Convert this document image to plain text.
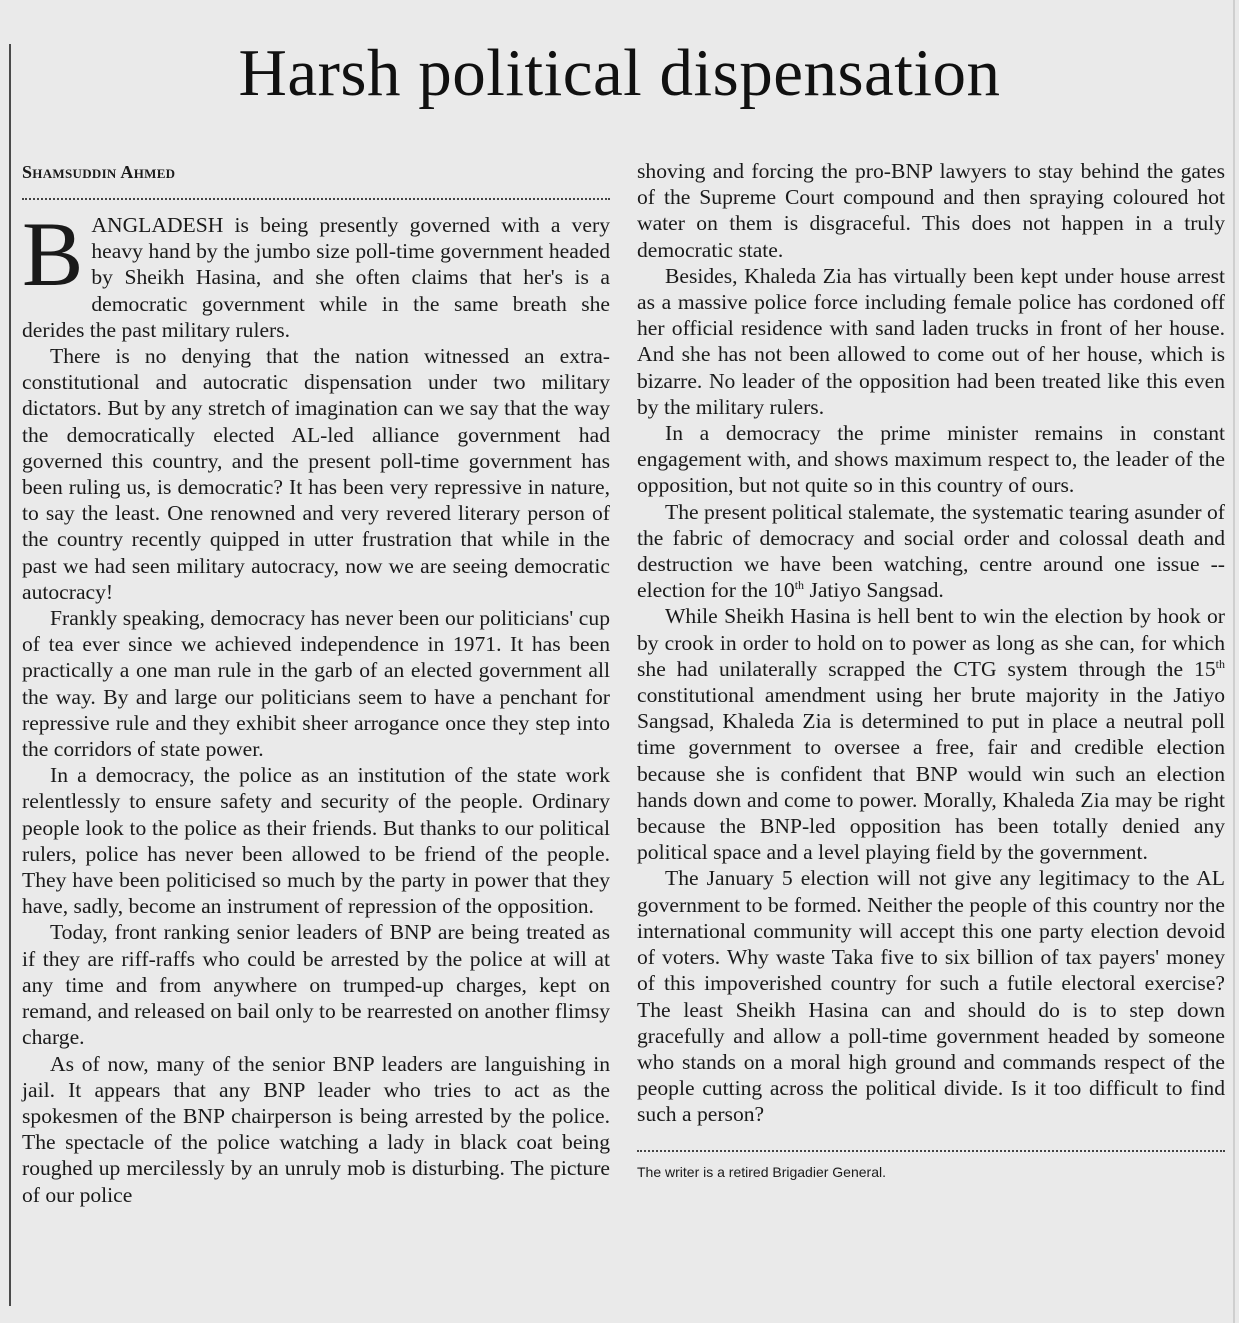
Harsh political dispensation
Shamsuddin Ahmed

BANGLADESH is being presently governed with a very heavy hand by the jumbo size poll-time government headed by Sheikh Hasina, and she often claims that her's is a democratic government while in the same breath she derides the past military rulers.

There is no denying that the nation witnessed an extra-constitutional and autocratic dispensation under two military dictators. But by any stretch of imagination can we say that the way the democratically elected AL-led alliance government had governed this country, and the present poll-time government has been ruling us, is democratic? It has been very repressive in nature, to say the least. One renowned and very revered literary person of the country recently quipped in utter frustration that while in the past we had seen military autocracy, now we are seeing democratic autocracy!

Frankly speaking, democracy has never been our politicians' cup of tea ever since we achieved independence in 1971. It has been practically a one man rule in the garb of an elected government all the way. By and large our politicians seem to have a penchant for repressive rule and they exhibit sheer arrogance once they step into the corridors of state power.

In a democracy, the police as an institution of the state work relentlessly to ensure safety and security of the people. Ordinary people look to the police as their friends. But thanks to our political rulers, police has never been allowed to be friend of the people. They have been politicised so much by the party in power that they have, sadly, become an instrument of repression of the opposition.

Today, front ranking senior leaders of BNP are being treated as if they are riff-raffs who could be arrested by the police at will at any time and from anywhere on trumped-up charges, kept on remand, and released on bail only to be rearrested on another flimsy charge.

As of now, many of the senior BNP leaders are languishing in jail. It appears that any BNP leader who tries to act as the spokesmen of the BNP chairperson is being arrested by the police. The spectacle of the police watching a lady in black coat being roughed up mercilessly by an unruly mob is disturbing. The picture of our police

shoving and forcing the pro-BNP lawyers to stay behind the gates of the Supreme Court compound and then spraying coloured hot water on them is disgraceful. This does not happen in a truly democratic state.

Besides, Khaleda Zia has virtually been kept under house arrest as a massive police force including female police has cordoned off her official residence with sand laden trucks in front of her house. And she has not been allowed to come out of her house, which is bizarre. No leader of the opposition had been treated like this even by the military rulers.

In a democracy the prime minister remains in constant engagement with, and shows maximum respect to, the leader of the opposition, but not quite so in this country of ours.

The present political stalemate, the systematic tearing asunder of the fabric of democracy and social order and colossal death and destruction we have been watching, centre around one issue -- election for the 10th Jatiyo Sangsad.

While Sheikh Hasina is hell bent to win the election by hook or by crook in order to hold on to power as long as she can, for which she had unilaterally scrapped the CTG system through the 15th constitutional amendment using her brute majority in the Jatiyo Sangsad, Khaleda Zia is determined to put in place a neutral poll time government to oversee a free, fair and credible election because she is confident that BNP would win such an election hands down and come to power. Morally, Khaleda Zia may be right because the BNP-led opposition has been totally denied any political space and a level playing field by the government.

The January 5 election will not give any legitimacy to the AL government to be formed. Neither the people of this country nor the international community will accept this one party election devoid of voters. Why waste Taka five to six billion of tax payers' money of this impoverished country for such a futile electoral exercise? The least Sheikh Hasina can and should do is to step down gracefully and allow a poll-time government headed by someone who stands on a moral high ground and commands respect of the people cutting across the political divide. Is it too difficult to find such a person?

The writer is a retired Brigadier General.
